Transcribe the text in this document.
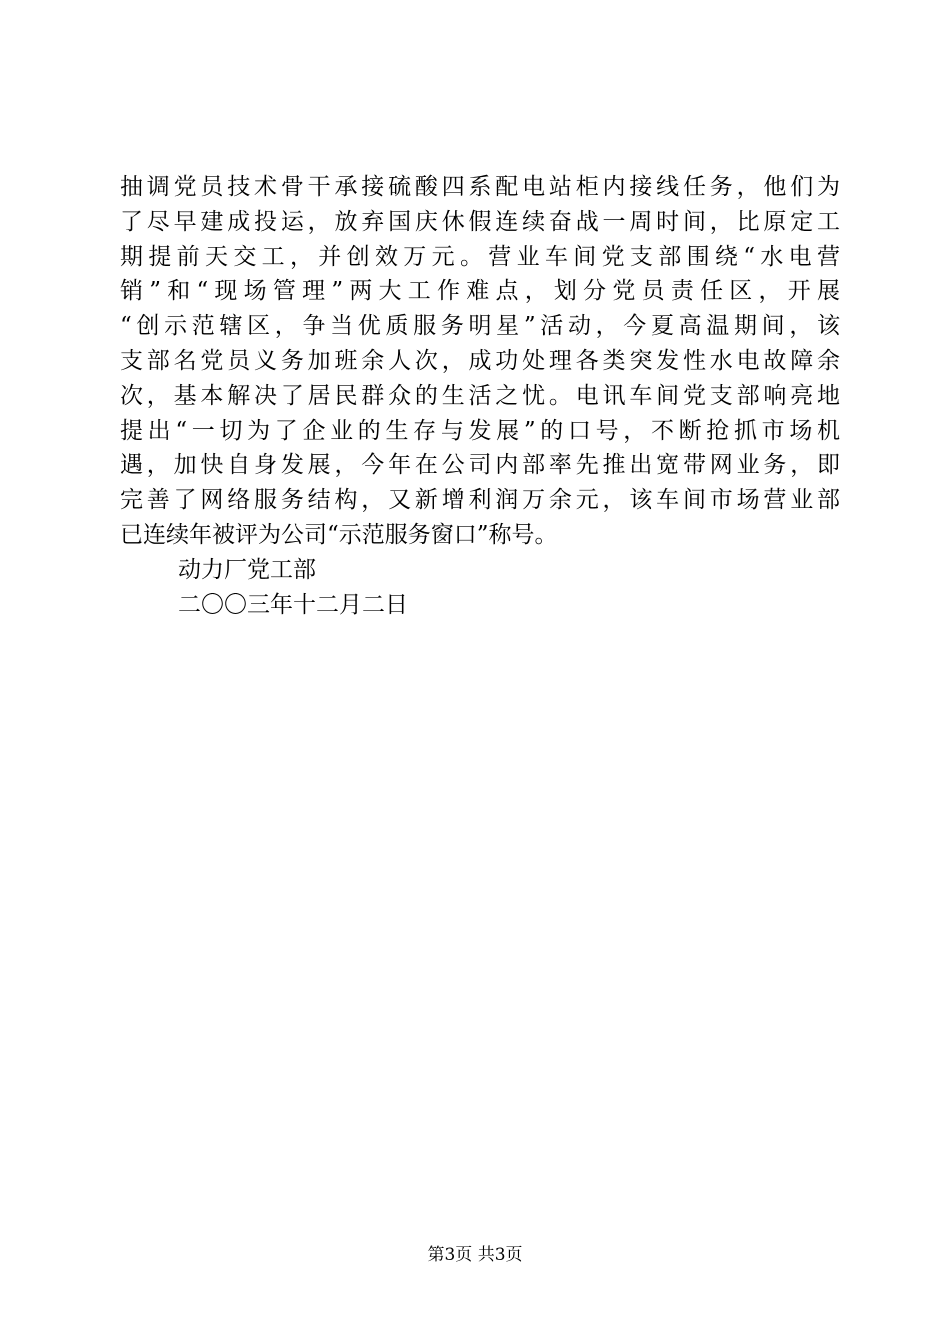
抽调党员技术骨干承接硫酸四系配电站柜内接线任务，他们为
了尽早建成投运，放弃国庆休假连续奋战一周时间，比原定工
期提前天交工，并创效万元。营业车间党支部围绕“水电营
销”和“现场管理”两大工作难点，划分党员责任区，开展
“创示范辖区，争当优质服务明星”活动，今夏高温期间，该
支部名党员义务加班余人次，成功处理各类突发性水电故障余
次，基本解决了居民群众的生活之忧。电讯车间党支部响亮地
提出“一切为了企业的生存与发展”的口号，不断抢抓市场机
遇，加快自身发展，今年在公司内部率先推出宽带网业务，即
完善了网络服务结构，又新增利润万余元，该车间市场营业部
已连续年被评为公司“示范服务窗口”称号。
动力厂党工部
二〇〇三年十二月二日
第3页 共3页
